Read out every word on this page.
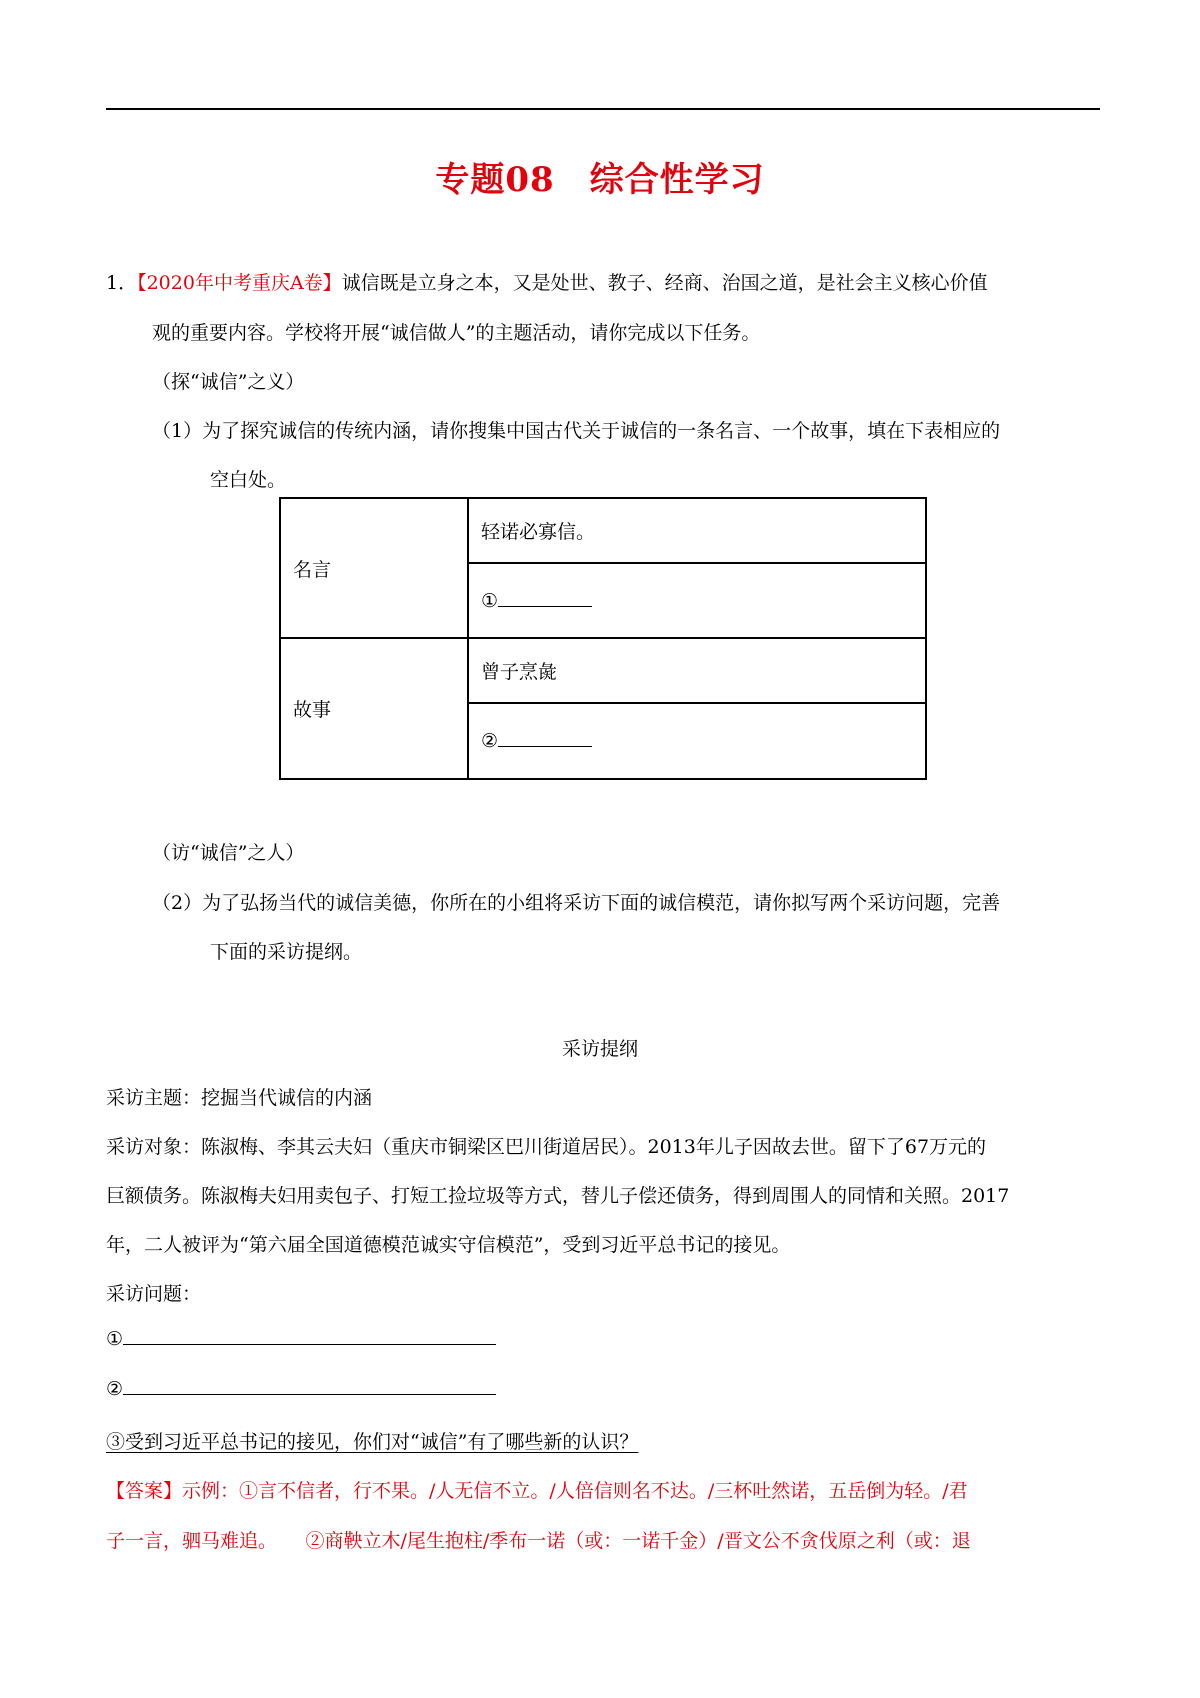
专题08　综合性学习
1．【2020年中考重庆A卷】诚信既是立身之本，又是处世、教子、经商、治国之道，是社会主义核心价值
观的重要内容。学校将开展“诚信做人”的主题活动，请你完成以下任务。
（探“诚信”之义）
（1）为了探究诚信的传统内涵，请你搜集中国古代关于诚信的一条名言、一个故事，填在下表相应的
空白处。
名言	轻诺必寡信。
	①
故事	曾子烹彘
	②
（访“诚信”之人）
（2）为了弘扬当代的诚信美德，你所在的小组将采访下面的诚信模范，请你拟写两个采访问题，完善
下面的采访提纲。
采访提纲
采访主题：挖掘当代诚信的内涵
采访对象：陈淑梅、李其云夫妇（重庆市铜梁区巴川街道居民）。2013年儿子因故去世。留下了67万元的
巨额债务。陈淑梅夫妇用卖包子、打短工捡垃圾等方式，替儿子偿还债务，得到周围人的同情和关照。2017
年，二人被评为“第六届全国道德模范诚实守信模范”，受到习近平总书记的接见。
采访问题：
①
②
③受到习近平总书记的接见，你们对“诚信”有了哪些新的认识？
【答案】示例：①言不信者，行不果。/人无信不立。/人倍信则名不达。/三杯吐然诺，五岳倒为轻。/君
子一言，驷马难追。　　②商鞅立木/尾生抱柱/季布一诺（或：一诺千金）/晋文公不贪伐原之利（或：退
